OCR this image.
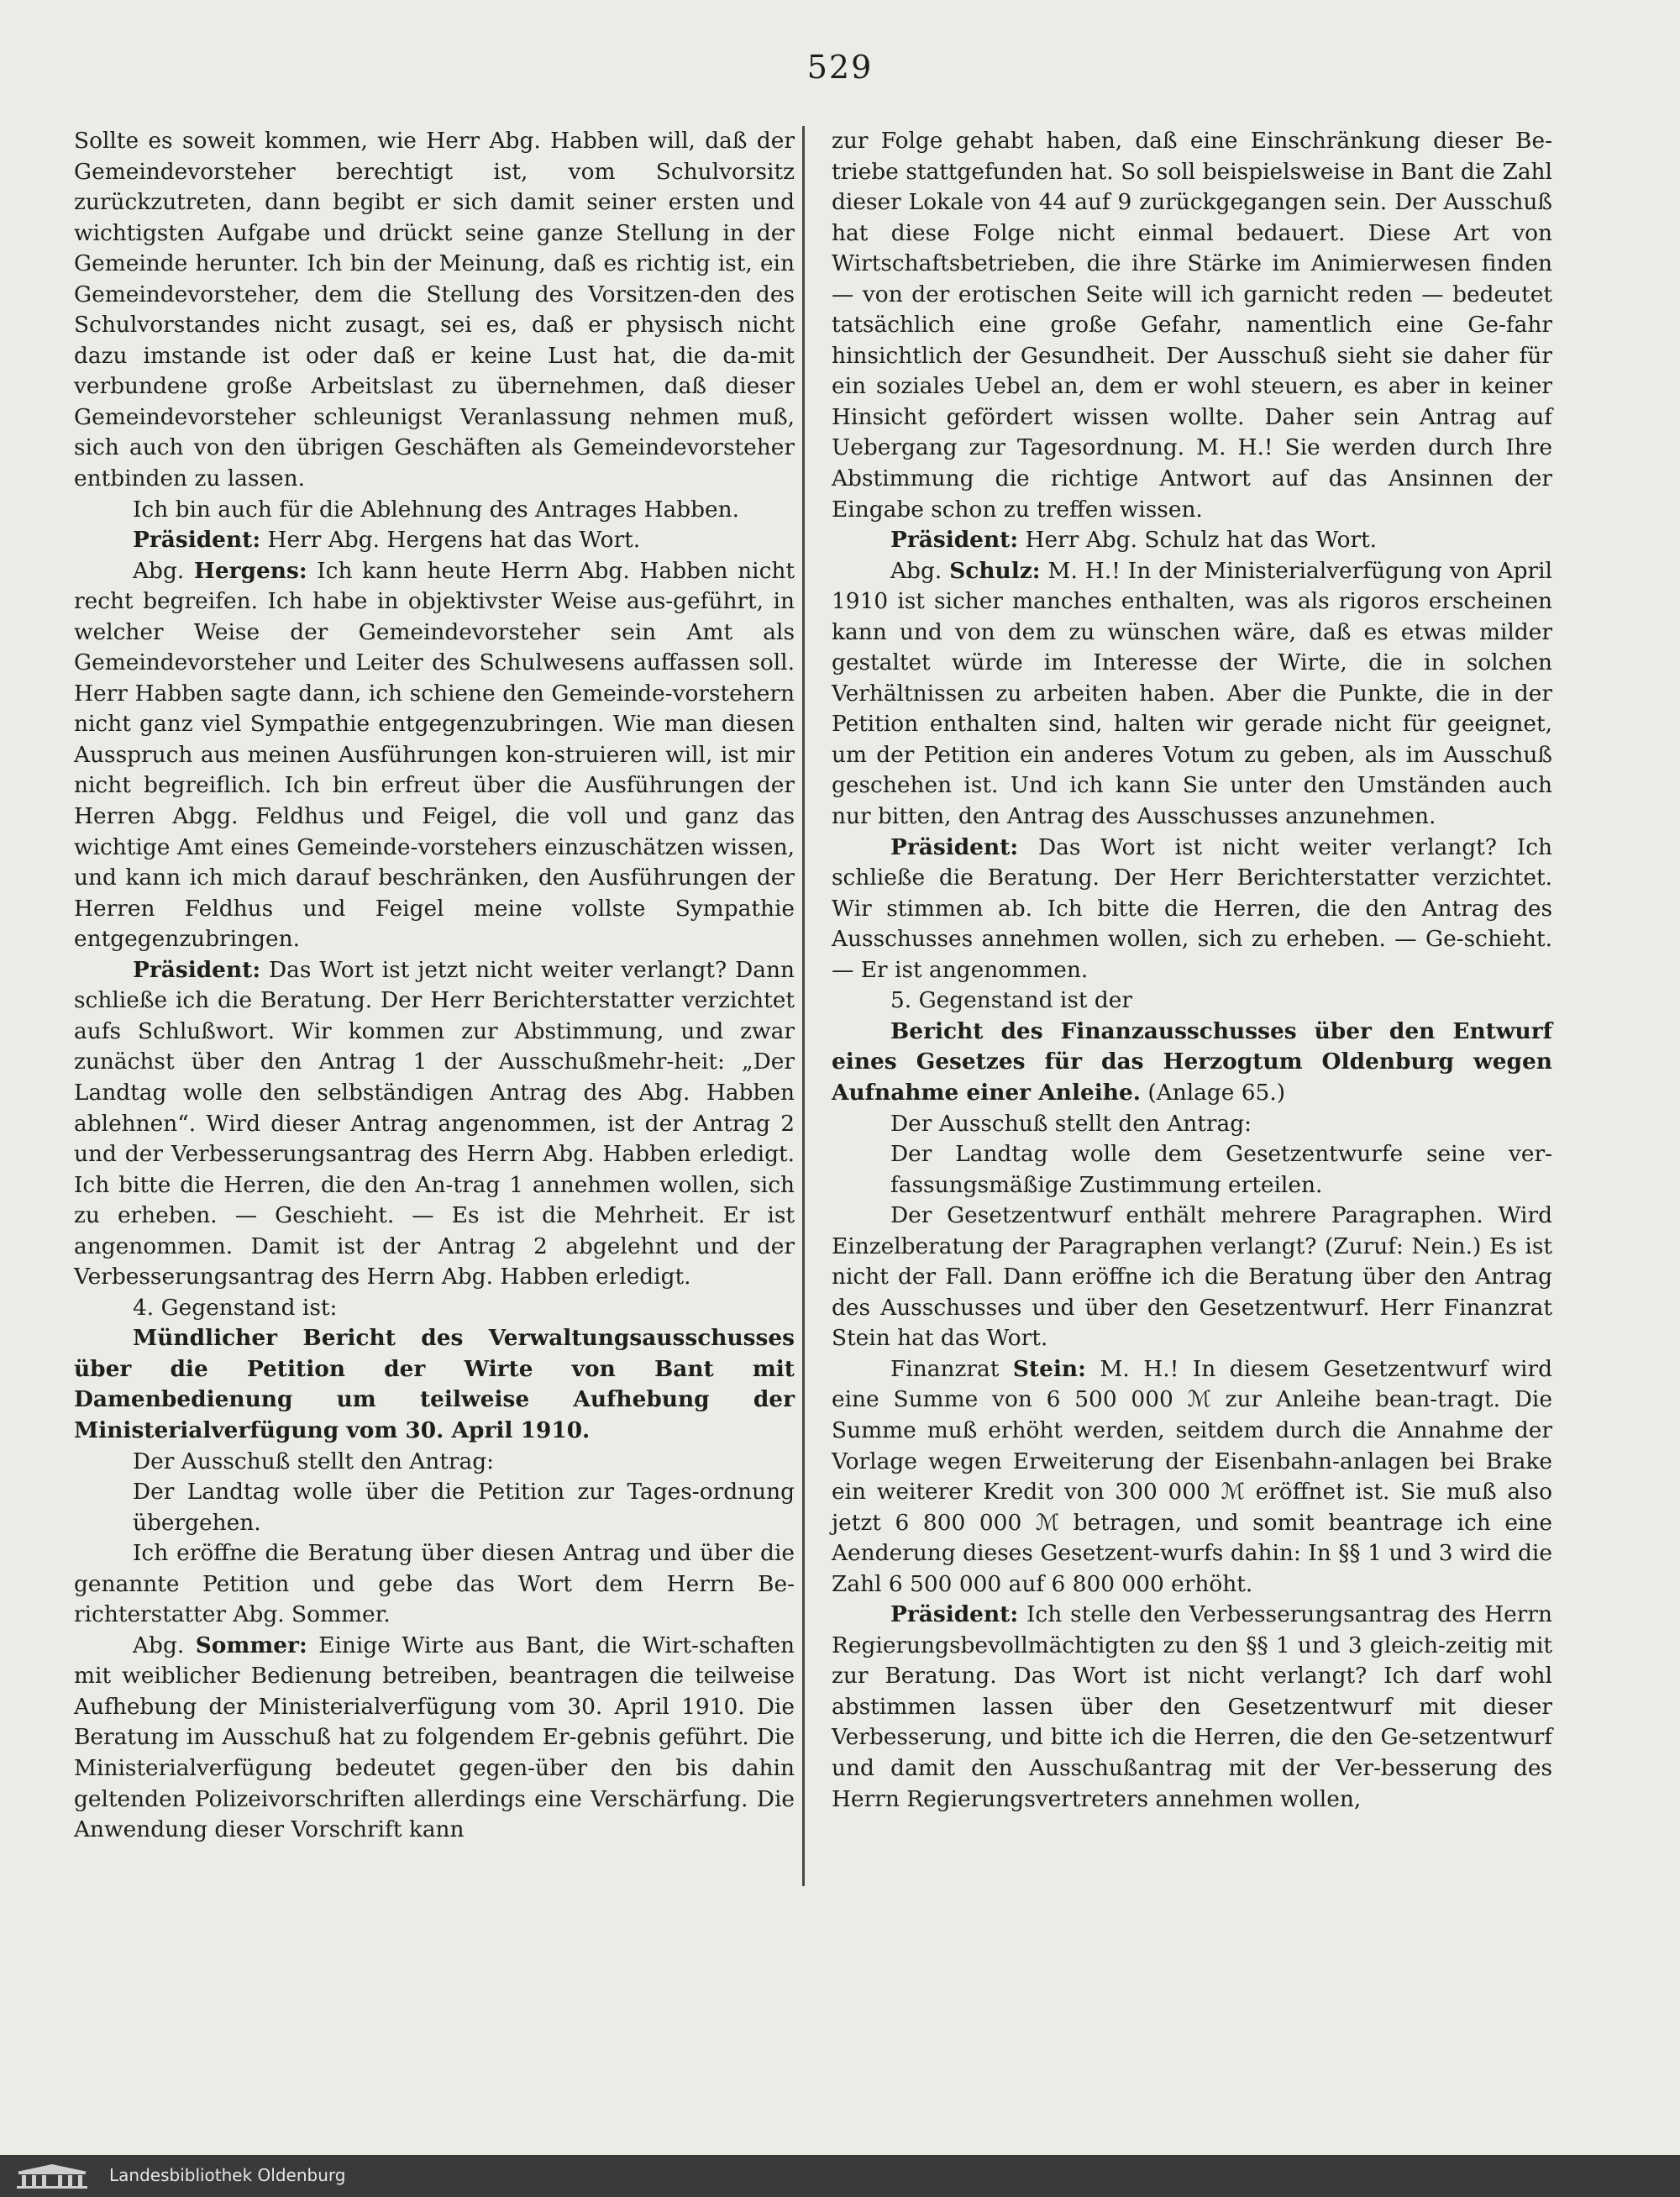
529

Sollte es soweit kommen, wie Herr Abg. Habben will, daß der Gemeindevorsteher berechtigt ist, vom Schulvorsitz zurückzutreten, dann begibt er sich damit seiner ersten und wichtigsten Aufgabe und drückt seine ganze Stellung in der Gemeinde herunter. Ich bin der Meinung, daß es richtig ist, ein Gemeindevorsteher, dem die Stellung des Vorsitzen-den des Schulvorstandes nicht zusagt, sei es, daß er physisch nicht dazu imstande ist oder daß er keine Lust hat, die da-mit verbundene große Arbeitslast zu übernehmen, daß dieser Gemeindevorsteher schleunigst Veranlassung nehmen muß, sich auch von den übrigen Geschäften als Gemeindevorsteher entbinden zu lassen.

Ich bin auch für die Ablehnung des Antrages Habben.

Präsident: Herr Abg. Hergens hat das Wort.

Abg. Hergens: Ich kann heute Herrn Abg. Habben nicht recht begreifen. Ich habe in objektivster Weise aus-geführt, in welcher Weise der Gemeindevorsteher sein Amt als Gemeindevorsteher und Leiter des Schulwesens auffassen soll. Herr Habben sagte dann, ich schiene den Gemeinde-vorstehern nicht ganz viel Sympathie entgegenzubringen. Wie man diesen Ausspruch aus meinen Ausführungen kon-struieren will, ist mir nicht begreiflich. Ich bin erfreut über die Ausführungen der Herren Abgg. Feldhus und Feigel, die voll und ganz das wichtige Amt eines Gemeinde-vorstehers einzuschätzen wissen, und kann ich mich darauf beschränken, den Ausführungen der Herren Feldhus und Feigel meine vollste Sympathie entgegenzubringen.

Präsident: Das Wort ist jetzt nicht weiter verlangt? Dann schließe ich die Beratung. Der Herr Berichterstatter verzichtet aufs Schlußwort. Wir kommen zur Abstimmung, und zwar zunächst über den Antrag 1 der Ausschußmehr-heit: „Der Landtag wolle den selbständigen Antrag des Abg. Habben ablehnen“. Wird dieser Antrag angenommen, ist der Antrag 2 und der Verbesserungsantrag des Herrn Abg. Habben erledigt. Ich bitte die Herren, die den An-trag 1 annehmen wollen, sich zu erheben. — Geschieht. — Es ist die Mehrheit. Er ist angenommen. Damit ist der Antrag 2 abgelehnt und der Verbesserungsantrag des Herrn Abg. Habben erledigt.

4. Gegenstand ist:

Mündlicher Bericht des Verwaltungsausschusses über die Petition der Wirte von Bant mit Damenbedienung um teilweise Aufhebung der Ministerialverfügung vom 30. April 1910.

Der Ausschuß stellt den Antrag:

Der Landtag wolle über die Petition zur Tages-ordnung übergehen.

Ich eröffne die Beratung über diesen Antrag und über die genannte Petition und gebe das Wort dem Herrn Be-richterstatter Abg. Sommer.

Abg. Sommer: Einige Wirte aus Bant, die Wirt-schaften mit weiblicher Bedienung betreiben, beantragen die teilweise Aufhebung der Ministerialverfügung vom 30. April 1910. Die Beratung im Ausschuß hat zu folgendem Er-gebnis geführt. Die Ministerialverfügung bedeutet gegen-über den bis dahin geltenden Polizeivorschriften allerdings eine Verschärfung. Die Anwendung dieser Vorschrift kann

zur Folge gehabt haben, daß eine Einschränkung dieser Be-triebe stattgefunden hat. So soll beispielsweise in Bant die Zahl dieser Lokale von 44 auf 9 zurückgegangen sein. Der Ausschuß hat diese Folge nicht einmal bedauert. Diese Art von Wirtschaftsbetrieben, die ihre Stärke im Animierwesen finden — von der erotischen Seite will ich garnicht reden — bedeutet tatsächlich eine große Gefahr, namentlich eine Ge-fahr hinsichtlich der Gesundheit. Der Ausschuß sieht sie daher für ein soziales Uebel an, dem er wohl steuern, es aber in keiner Hinsicht gefördert wissen wollte. Daher sein Antrag auf Uebergang zur Tagesordnung. M. H.! Sie werden durch Ihre Abstimmung die richtige Antwort auf das Ansinnen der Eingabe schon zu treffen wissen.

Präsident: Herr Abg. Schulz hat das Wort.

Abg. Schulz: M. H.! In der Ministerialverfügung von April 1910 ist sicher manches enthalten, was als rigoros erscheinen kann und von dem zu wünschen wäre, daß es etwas milder gestaltet würde im Interesse der Wirte, die in solchen Verhältnissen zu arbeiten haben. Aber die Punkte, die in der Petition enthalten sind, halten wir gerade nicht für geeignet, um der Petition ein anderes Votum zu geben, als im Ausschuß geschehen ist. Und ich kann Sie unter den Umständen auch nur bitten, den Antrag des Ausschusses anzunehmen.

Präsident: Das Wort ist nicht weiter verlangt? Ich schließe die Beratung. Der Herr Berichterstatter verzichtet. Wir stimmen ab. Ich bitte die Herren, die den Antrag des Ausschusses annehmen wollen, sich zu erheben. — Ge-schieht. — Er ist angenommen.

5. Gegenstand ist der

Bericht des Finanzausschusses über den Entwurf eines Gesetzes für das Herzogtum Oldenburg wegen Aufnahme einer Anleihe. (Anlage 65.)

Der Ausschuß stellt den Antrag:

Der Landtag wolle dem Gesetzentwurfe seine ver-fassungsmäßige Zustimmung erteilen.

Der Gesetzentwurf enthält mehrere Paragraphen. Wird Einzelberatung der Paragraphen verlangt? (Zuruf: Nein.) Es ist nicht der Fall. Dann eröffne ich die Beratung über den Antrag des Ausschusses und über den Gesetzentwurf. Herr Finanzrat Stein hat das Wort.

Finanzrat Stein: M. H.! In diesem Gesetzentwurf wird eine Summe von 6 500 000 ℳ zur Anleihe bean-tragt. Die Summe muß erhöht werden, seitdem durch die Annahme der Vorlage wegen Erweiterung der Eisenbahn-anlagen bei Brake ein weiterer Kredit von 300 000 ℳ eröffnet ist. Sie muß also jetzt 6 800 000 ℳ betragen, und somit beantrage ich eine Aenderung dieses Gesetzent-wurfs dahin: In §§ 1 und 3 wird die Zahl 6 500 000 auf 6 800 000 erhöht.

Präsident: Ich stelle den Verbesserungsantrag des Herrn Regierungsbevollmächtigten zu den §§ 1 und 3 gleich-zeitig mit zur Beratung. Das Wort ist nicht verlangt? Ich darf wohl abstimmen lassen über den Gesetzentwurf mit dieser Verbesserung, und bitte ich die Herren, die den Ge-setzentwurf und damit den Ausschußantrag mit der Ver-besserung des Herrn Regierungsvertreters annehmen wollen,

Landesbibliothek Oldenburg
